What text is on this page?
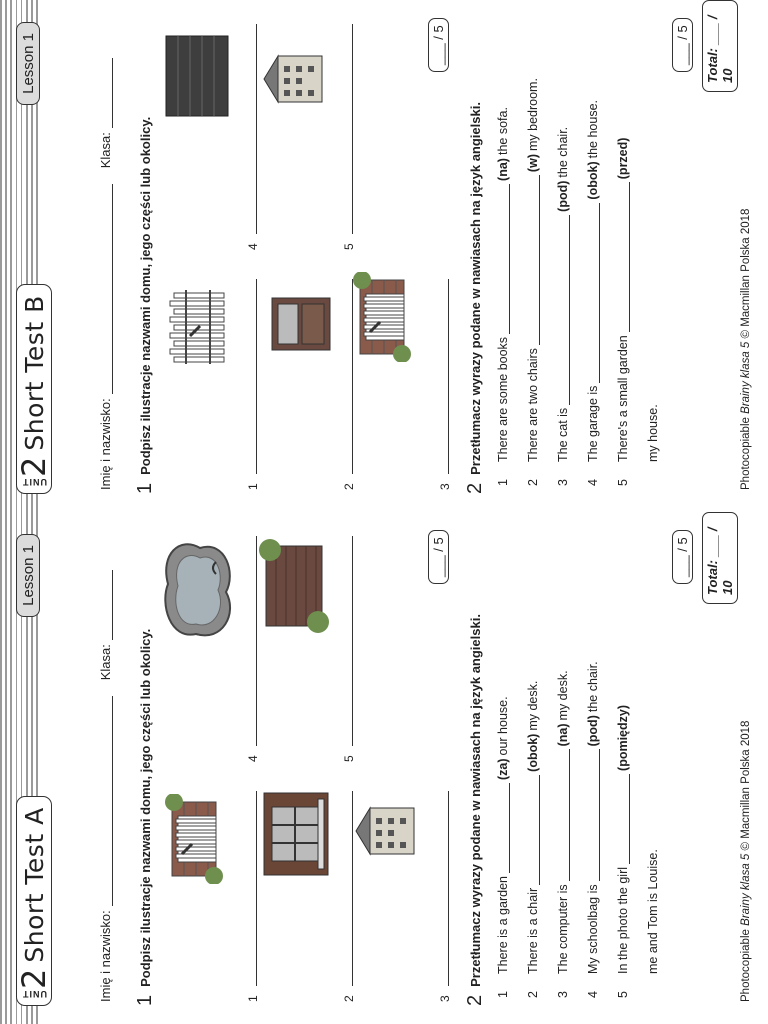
UNIT
2
Short Test A
Lesson 1
Imię i nazwisko:
Klasa:
1
Podpisz ilustracje nazwami domu, jego części lub okolicy.
1	2	3
4	5
___ / 5
2
Przetłumacz wyrazy podane w nawiasach na język angielski.
1
There is a garden
(za)
our house.
2
There is a chair
(obok)
my desk.
3
The computer is
(na)
my desk.
4
My schoolbag is
(pod)
the chair.
5
In the photo the girl
(pomiędzy)
me and Tom is Louise.
___ / 5
Total: ___ / 10
Photocopiable Brainy klasa 5 © Macmillan Polska 2018
UNIT
2
Short Test B
Lesson 1
Imię i nazwisko:
Klasa:
1
Podpisz ilustracje nazwami domu, jego części lub okolicy.
1	2	3
4	5
___ / 5
2
Przetłumacz wyrazy podane w nawiasach na język angielski.
1
There are some books
(na)
the sofa.
2
There are two chairs
(w)
my bedroom.
3
The cat is
(pod)
the chair.
4
The garage is
(obok)
the house.
5
There's a small garden
(przed)
my house.
___ / 5
Total: ___ / 10
Photocopiable Brainy klasa 5 © Macmillan Polska 2018
